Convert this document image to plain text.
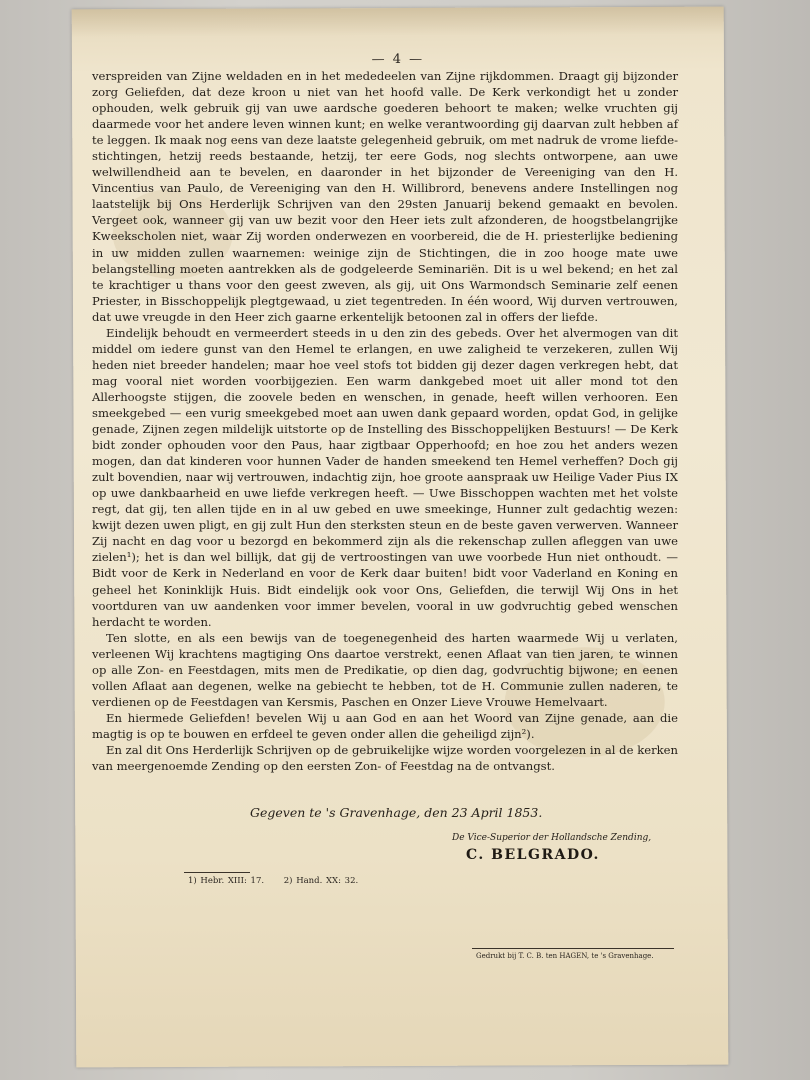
— 4 —

verspreiden van Zijne weldaden en in het mededeelen van Zijne rijkdommen. Draagt gij bijzonder zorg Geliefden, dat deze kroon u niet van het hoofd valle. De Kerk verkondigt het u zonder ophouden, welk gebruik gij van uwe aardsche goederen behoort te maken; welke vruchten gij daarmede voor het andere leven winnen kunt; en welke verantwoording gij daarvan zult hebben af te leggen. Ik maak nog eens van deze laatste gelegenheid gebruik, om met nadruk de vrome liefde-stichtingen, hetzij reeds bestaande, hetzij, ter eere Gods, nog slechts ontworpene, aan uwe welwillendheid aan te bevelen, en daaronder in het bijzonder de Vereeniging van den H. Vincentius van Paulo, de Vereeniging van den H. Willibrord, benevens andere Instellingen nog laatstelijk bij Ons Herderlijk Schrijven van den 29sten Januarij bekend gemaakt en bevolen. Vergeet ook, wanneer gij van uw bezit voor den Heer iets zult afzonderen, de hoogstbelangrijke Kweekscholen niet, waar Zij worden onderwezen en voorbereid, die de H. priesterlijke bediening in uw midden zullen waarnemen: weinige zijn de Stichtingen, die in zoo hooge mate uwe belangstelling moeten aantrekken als de godgeleerde Seminariën. Dit is u wel bekend; en het zal te krachtiger u thans voor den geest zweven, als gij, uit Ons Warmondsch Seminarie zelf eenen Priester, in Bisschoppelijk plegtgewaad, u ziet tegentreden. In één woord, Wij durven vertrouwen, dat uwe vreugde in den Heer zich gaarne erkentelijk betoonen zal in offers der liefde.

Eindelijk behoudt en vermeerdert steeds in u den zin des gebeds. Over het alvermogen van dit middel om iedere gunst van den Hemel te erlangen, en uwe zaligheid te verzekeren, zullen Wij heden niet breeder handelen; maar hoe veel stofs tot bidden gij dezer dagen verkregen hebt, dat mag vooral niet worden voorbijgezien. Een warm dankgebed moet uit aller mond tot den Allerhoogste stijgen, die zoovele beden en wenschen, in genade, heeft willen verhooren. Een smeekgebed — een vurig smeekgebed moet aan uwen dank gepaard worden, opdat God, in gelijke genade, Zijnen zegen mildelijk uitstorte op de Instelling des Bisschoppelijken Bestuurs! — De Kerk bidt zonder ophouden voor den Paus, haar zigtbaar Opperhoofd; en hoe zou het anders wezen mogen, dan dat kinderen voor hunnen Vader de handen smeekend ten Hemel verheffen? Doch gij zult bovendien, naar wij vertrouwen, indachtig zijn, hoe groote aanspraak uw Heilige Vader Pius IX op uwe dankbaarheid en uwe liefde verkregen heeft. — Uwe Bisschoppen wachten met het volste regt, dat gij, ten allen tijde en in al uw gebed en uwe smeekinge, Hunner zult gedachtig wezen: kwijt dezen uwen pligt, en gij zult Hun den sterksten steun en de beste gaven verwerven. Wanneer Zij nacht en dag voor u bezorgd en bekommerd zijn als die rekenschap zullen afleggen van uwe zielen¹); het is dan wel billijk, dat gij de vertroostingen van uwe voorbede Hun niet onthoudt. — Bidt voor de Kerk in Nederland en voor de Kerk daar buiten! bidt voor Vaderland en Koning en geheel het Koninklijk Huis. Bidt eindelijk ook voor Ons, Geliefden, die terwijl Wij Ons in het voortduren van uw aandenken voor immer bevelen, vooral in uw godvruchtig gebed wenschen herdacht te worden.

Ten slotte, en als een bewijs van de toegenegenheid des harten waarmede Wij u verlaten, verleenen Wij krachtens magtiging Ons daartoe verstrekt, eenen Aflaat van tien jaren, te winnen op alle Zon- en Feestdagen, mits men de Predikatie, op dien dag, godvruchtig bijwone; en eenen vollen Aflaat aan degenen, welke na gebiecht te hebben, tot de H. Communie zullen naderen, te verdienen op de Feestdagen van Kersmis, Paschen en Onzer Lieve Vrouwe Hemelvaart.

En hiermede Geliefden! bevelen Wij u aan God en aan het Woord van Zijne genade, aan die magtig is op te bouwen en erfdeel te geven onder allen die geheiligd zijn²).

En zal dit Ons Herderlijk Schrijven op de gebruikelijke wijze worden voorgelezen in al de kerken van meergenoemde Zending op den eersten Zon- of Feestdag na de ontvangst.

Gegeven te 's Gravenhage, den 23 April 1853.
De Vice-Superior der Hollandsche Zending,
C. BELGRADO.
1) Hebr. XIII: 17. 2) Hand. XX: 32.
Gedrukt bij T. C. B. ten HAGEN, te 's Gravenhage.
